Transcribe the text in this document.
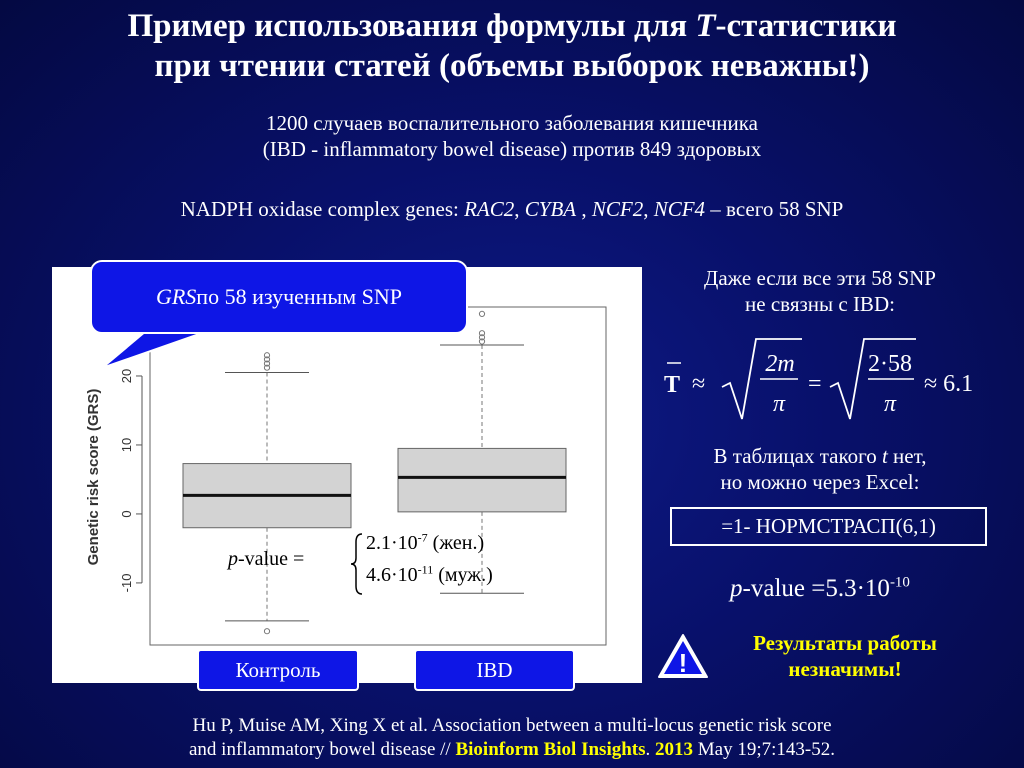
Пример использования формулы для T-статистики
при чтении статей (объемы выборок неважны!)
1200 случаев воспалительного заболевания кишечника
(IBD - inflammatory bowel disease) против 849 здоровых
NADPH oxidase complex genes: RAC2, CYBA , NCF2, NCF4 – всего 58 SNP
Genetic risk score (GRS)
-10
0
10
20
GRS по 58 изученным SNP
p-value =
$2.1\cdot 10^{-7}$ (жен.)
$4.6\cdot 10^{-11}$ (муж.)
Контроль	IBD
Даже если все эти 58 SNP
не связны с IBD:
T ≈
2m
π
=
2·58
π
≈ 6.1
В таблицах такого t нет,
но можно через Excel:
=1- НОРМСТРАСП(6,1)
p-value $=5.3\cdot 10^{-10}$
!
Результаты работы
незначимы!
Hu P, Muise AM, Xing X et al. Association between a multi-locus genetic risk score
and inflammatory bowel disease // Bioinform Biol Insights. 2013 May 19;7:143-52.
